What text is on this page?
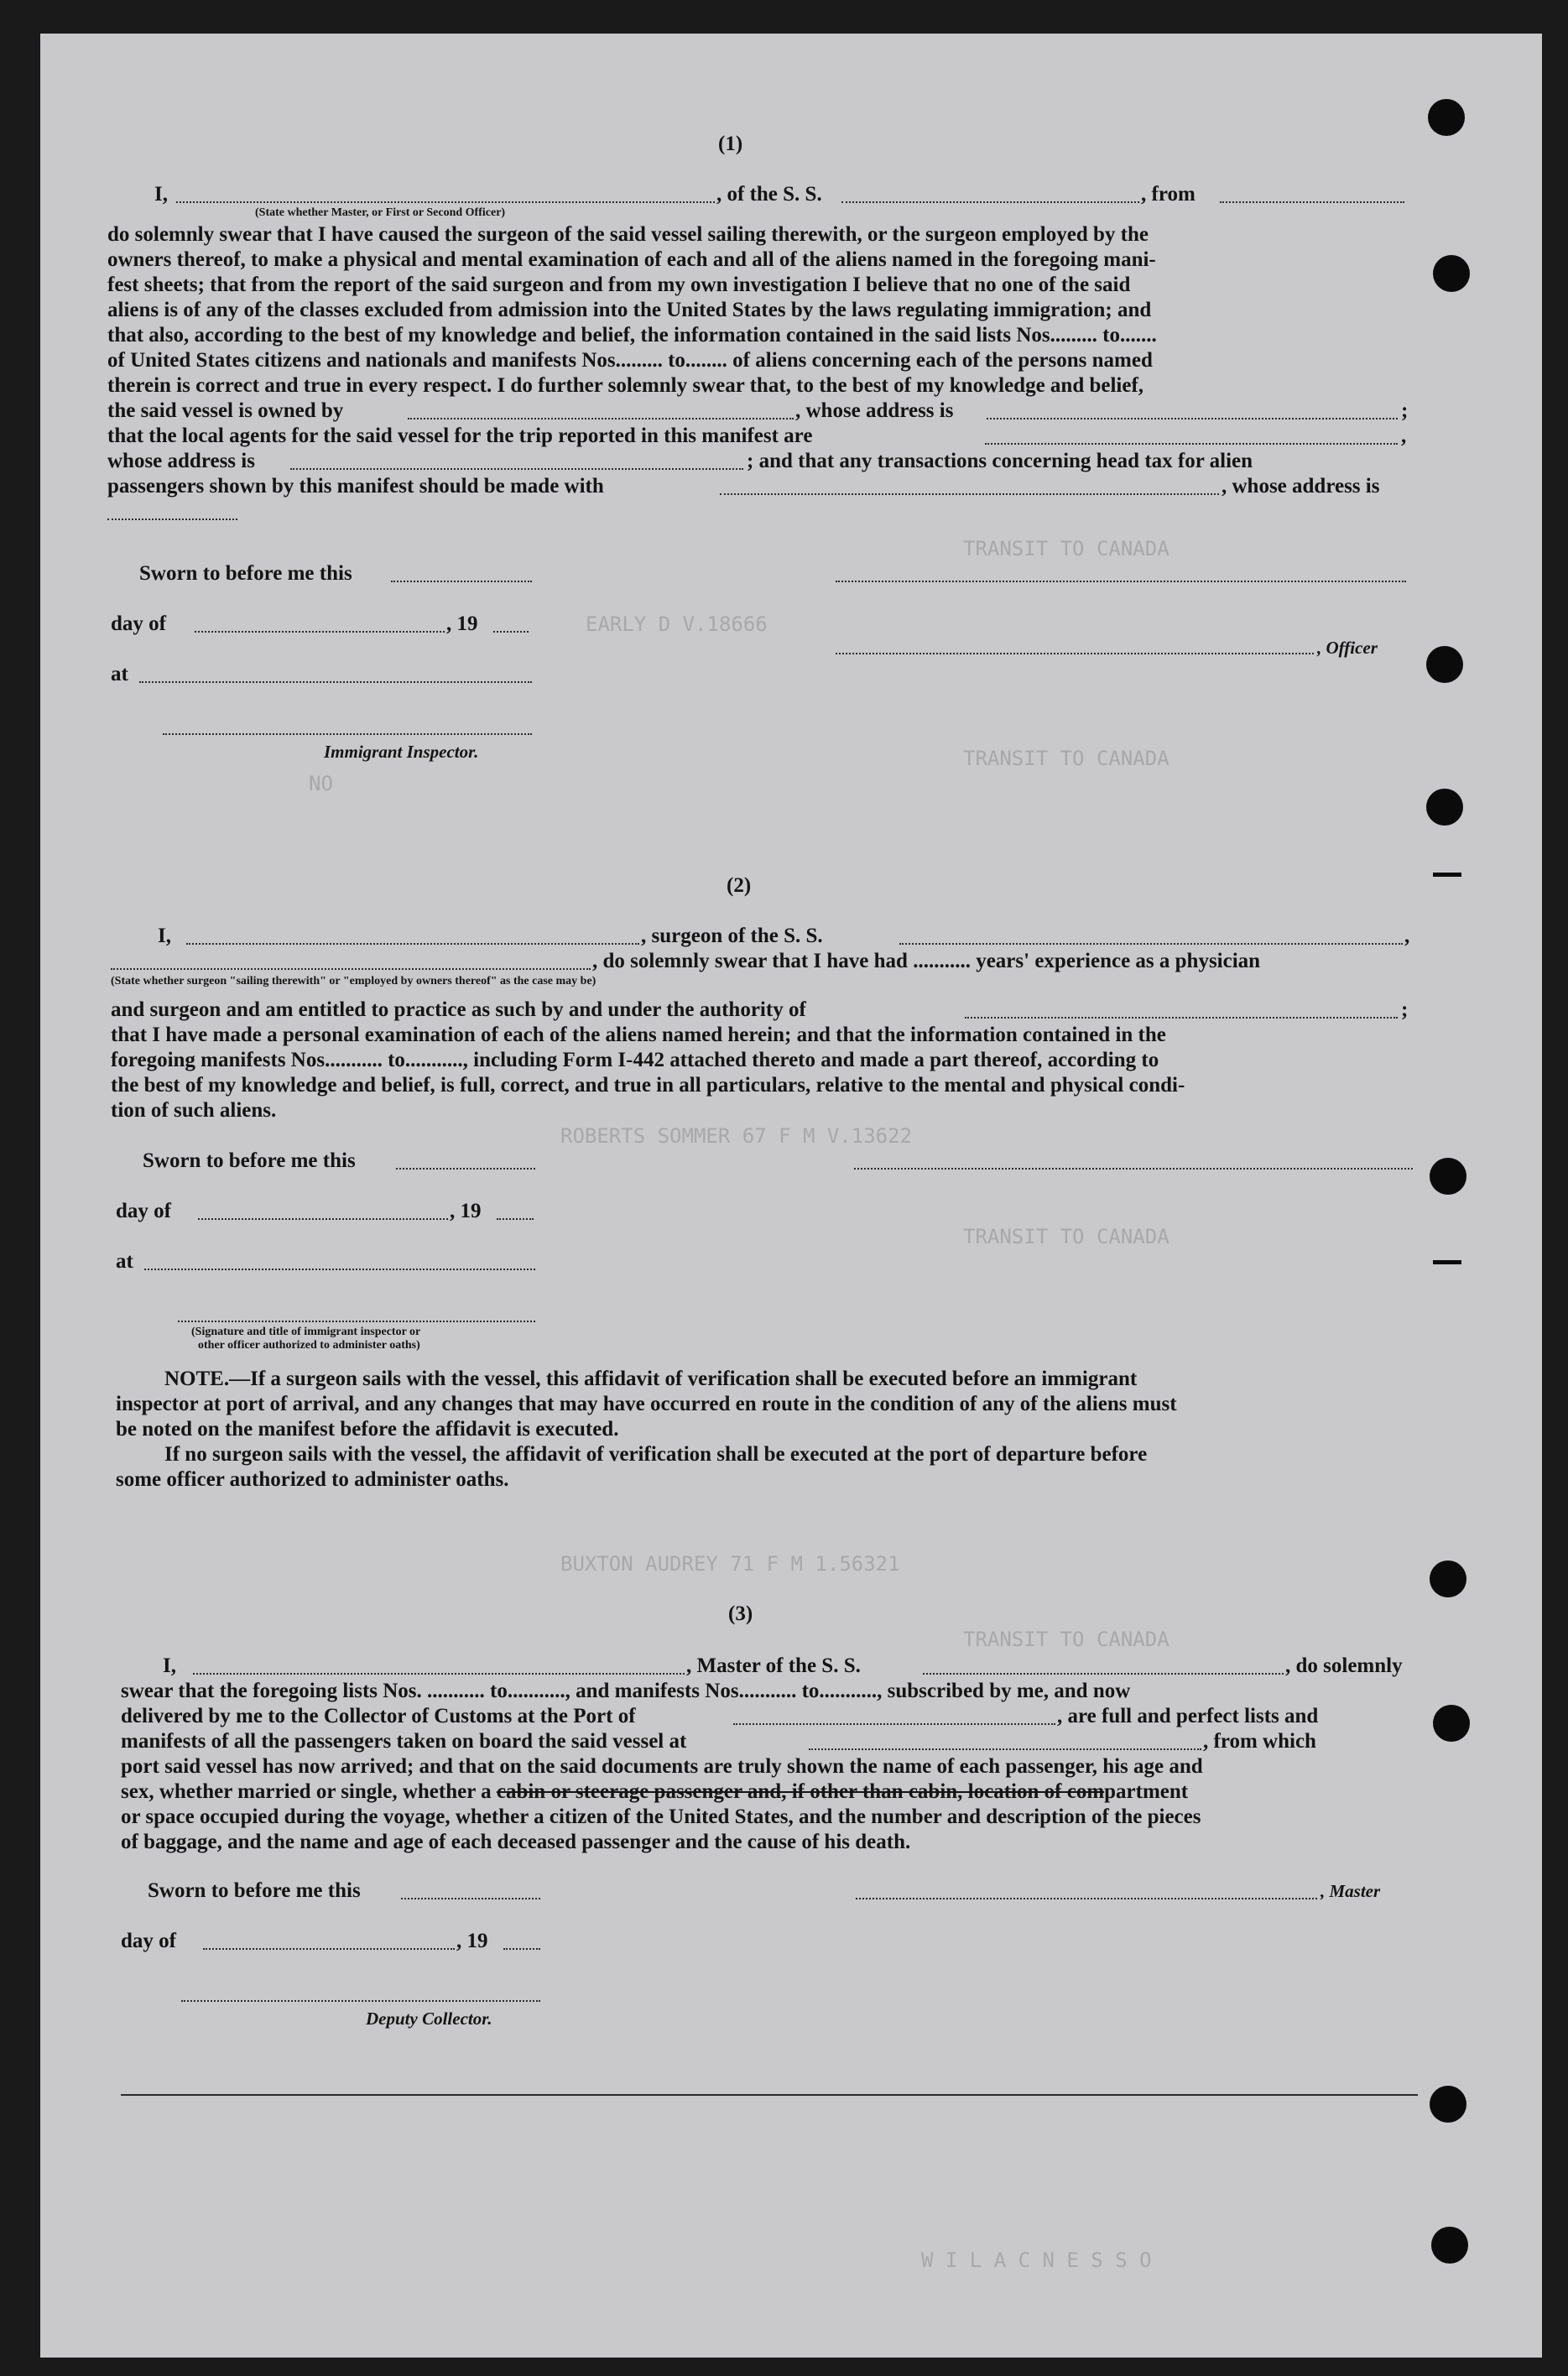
TRANSIT TO CANADA
EARLY D V.18666
TRANSIT TO CANADA
NO
ROBERTS SOMMER 67 F M V.13622
TRANSIT TO CANADA
BUXTON AUDREY 71 F M 1.56321
TRANSIT TO CANADA
W I L A C N E S S O
(1)
I,	, of the S. S.	, from
(State whether Master, or First or Second Officer)
do solemnly swear that I have caused the surgeon of the said vessel sailing therewith, or the surgeon employed by the
owners thereof, to make a physical and mental examination of each and all of the aliens named in the foregoing mani-
fest sheets; that from the report of the said surgeon and from my own investigation I believe that no one of the said
aliens is of any of the classes excluded from admission into the United States by the laws regulating immigration; and
that also, according to the best of my knowledge and belief, the information contained in the said lists Nos......... to.......
of United States citizens and nationals and manifests Nos......... to........ of aliens concerning each of the persons named
therein is correct and true in every respect. I do further solemnly swear that, to the best of my knowledge and belief,
the said vessel is owned by	, whose address is	;
that the local agents for the said vessel for the trip reported in this manifest are	,
whose address is	; and that any transactions concerning head tax for alien
passengers shown by this manifest should be made with	, whose address is
Sworn to before me this
day of	, 19
, Officer
at
Immigrant Inspector.
(2)
I,	, surgeon of the S. S.	,
, do solemnly swear that I have had ........... years' experience as a physician
(State whether surgeon "sailing therewith" or "employed by owners thereof" as the case may be)
and surgeon and am entitled to practice as such by and under the authority of	;
that I have made a personal examination of each of the aliens named herein; and that the information contained in the
foregoing manifests Nos........... to..........., including Form I-442 attached thereto and made a part thereof, according to
the best of my knowledge and belief, is full, correct, and true in all particulars, relative to the mental and physical condi-
tion of such aliens.
Sworn to before me this
day of	, 19
at
(Signature and title of immigrant inspector or
other officer authorized to administer oaths)
NOTE.—If a surgeon sails with the vessel, this affidavit of verification shall be executed before an immigrant
inspector at port of arrival, and any changes that may have occurred en route in the condition of any of the aliens must
be noted on the manifest before the affidavit is executed.
If no surgeon sails with the vessel, the affidavit of verification shall be executed at the port of departure before
some officer authorized to administer oaths.
(3)
I,	, Master of the S. S.	, do solemnly
swear that the foregoing lists Nos. ........... to..........., and manifests Nos........... to..........., subscribed by me, and now
delivered by me to the Collector of Customs at the Port of	, are full and perfect lists and
manifests of all the passengers taken on board the said vessel at	, from which
port said vessel has now arrived; and that on the said documents are truly shown the name of each passenger, his age and
sex, whether married or single, whether a cabin or steerage passenger and, if other than cabin, location of compartment
or space occupied during the voyage, whether a citizen of the United States, and the number and description of the pieces
of baggage, and the name and age of each deceased passenger and the cause of his death.
Sworn to before me this	, Master
day of	, 19
Deputy Collector.
